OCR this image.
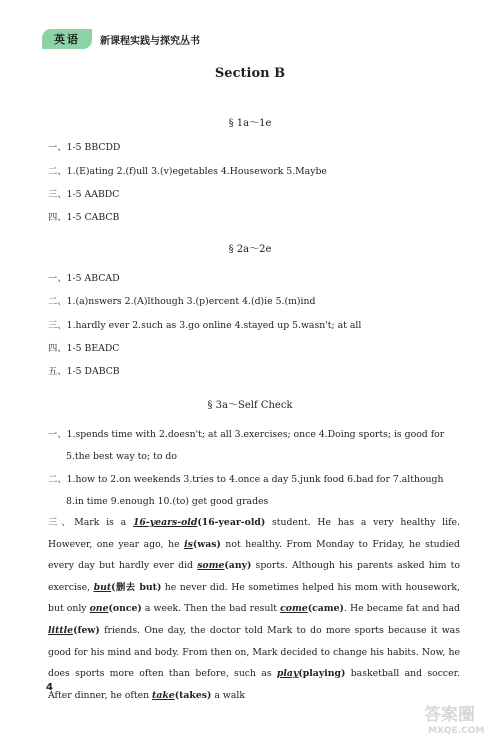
英语	新课程实践与探究丛书
Section B
§ 1a～1e
一、1-5 BBCDD
二、1.(E)ating 2.(f)ull 3.(v)egetables 4.Housework 5.Maybe
三、1-5 AABDC
四、1-5 CABCB
§ 2a～2e
一、1-5 ABCAD
二、1.(a)nswers 2.(A)lthough 3.(p)ercent 4.(d)ie 5.(m)ind
三、1.hardly ever 2.such as 3.go online 4.stayed up 5.wasn't; at all
四、1-5 BEADC
五、1-5 DABCB
§ 3a～Self Check
一、1.spends time with 2.doesn't; at all 3.exercises; once 4.Doing sports; is good for
5.the best way to; to do
二、1.how to 2.on weekends 3.tries to 4.once a day 5.junk food 6.bad for 7.although
8.in time 9.enough 10.(to) get good grades
三、Mark is a 16-years-old(16-year-old) student. He has a very healthy life. However, one year ago, he is(was) not healthy. From Monday to Friday, he studied every day but hardly ever did some(any) sports. Although his parents asked him to exercise, but(删去 but) he never did. He sometimes helped his mom with housework, but only one(once) a week. Then the bad result come(came). He became fat and had little(few) friends. One day, the doctor told Mark to do more sports because it was good for his mind and body. From then on, Mark decided to change his habits. Now, he does sports more often than before, such as play(playing) basketball and soccer. After dinner, he often take(takes) a walk
4
答案圈
MXQE.COM
